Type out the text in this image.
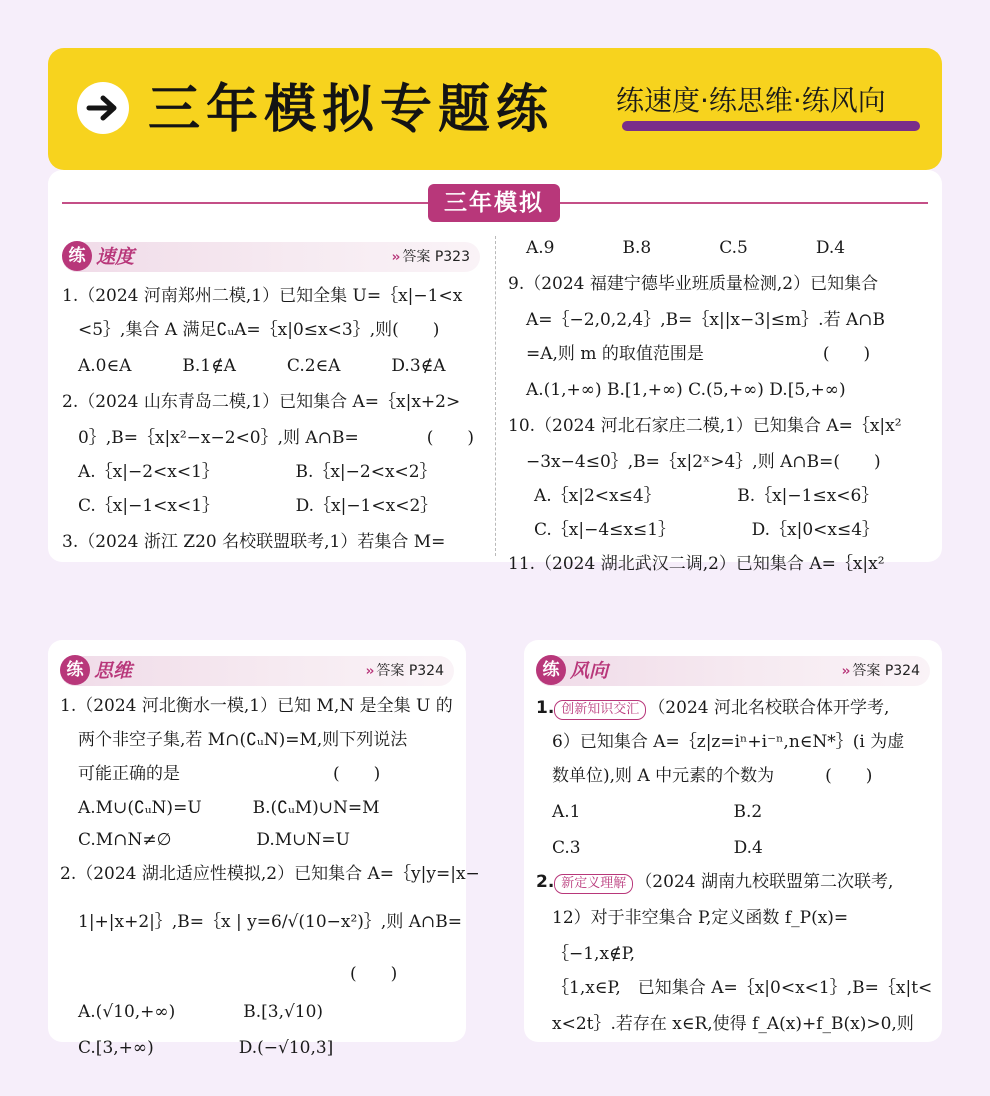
三年模拟专题练 练速度·练思维·练风向
三年模拟
练 速度	›› 答案 P323
1.（2024 河南郑州二模,1）已知全集 U=｛x|−1<x
<5｝,集合 A 满足∁ᵤA=｛x|0≤x<3｝,则(　　)
A.0∈A　　　B.1∉A　　　C.2∈A　　　D.3∉A
2.（2024 山东青岛二模,1）已知集合 A=｛x|x+2>
0｝,B=｛x|x²−x−2<0｝,则 A∩B=　　　　(　　)
A.｛x|−2<x<1｝　　　　　B.｛x|−2<x<2｝
C.｛x|−1<x<1｝　　　　　D.｛x|−1<x<2｝
3.（2024 浙江 Z20 名校联盟联考,1）若集合 M=
A.9　　　　B.8　　　　C.5　　　　D.4
9.（2024 福建宁德毕业班质量检测,2）已知集合
A=｛−2,0,2,4｝,B=｛x||x−3|≤m｝.若 A∩B
=A,则 m 的取值范围是　　　　　　　(　　)
A.(1,+∞) B.[1,+∞) C.(5,+∞) D.[5,+∞)
10.（2024 河北石家庄二模,1）已知集合 A=｛x|x²
−3x−4≤0｝,B=｛x|2ˣ>4｝,则 A∩B=(　　)
A.｛x|2<x≤4｝　　　　　B.｛x|−1≤x<6｝
C.｛x|−4≤x≤1｝　　　　　D.｛x|0<x≤4｝
11.（2024 湖北武汉二调,2）已知集合 A=｛x|x²
练 思维	›› 答案 P324
1.（2024 河北衡水一模,1）已知 M,N 是全集 U 的
两个非空子集,若 M∩(∁ᵤN)=M,则下列说法
可能正确的是　　　　　　　　　(　　)
A.M∪(∁ᵤN)=U　　　B.(∁ᵤM)∪N=M
C.M∩N≠∅　　　　　D.M∪N=U
2.（2024 湖北适应性模拟,2）已知集合 A=｛y|y=|x−
1|+|x+2|｝,B=｛x | y=6/√(10−x²)｝,则 A∩B=
　　　　　　　　　　　　　　　　(　　)
A.(√10,+∞)　　　　B.[3,√10)
C.[3,+∞)　　　　　D.(−√10,3]
练 风向	›› 答案 P324
1. 创新知识交汇 （2024 河北名校联合体开学考,
6）已知集合 A=｛z|z=iⁿ+i⁻ⁿ,n∈N*｝(i 为虚
数单位),则 A 中元素的个数为　　　(　　)
A.1　　　　　　　　　B.2
C.3　　　　　　　　　D.4
2. 新定义理解 （2024 湖南九校联盟第二次联考,
12）对于非空集合 P,定义函数 f_P(x)=
｛−1,x∉P,
｛1,x∈P,　已知集合 A=｛x|0<x<1｝,B=｛x|t<
x<2t｝.若存在 x∈R,使得 f_A(x)+f_B(x)>0,则
